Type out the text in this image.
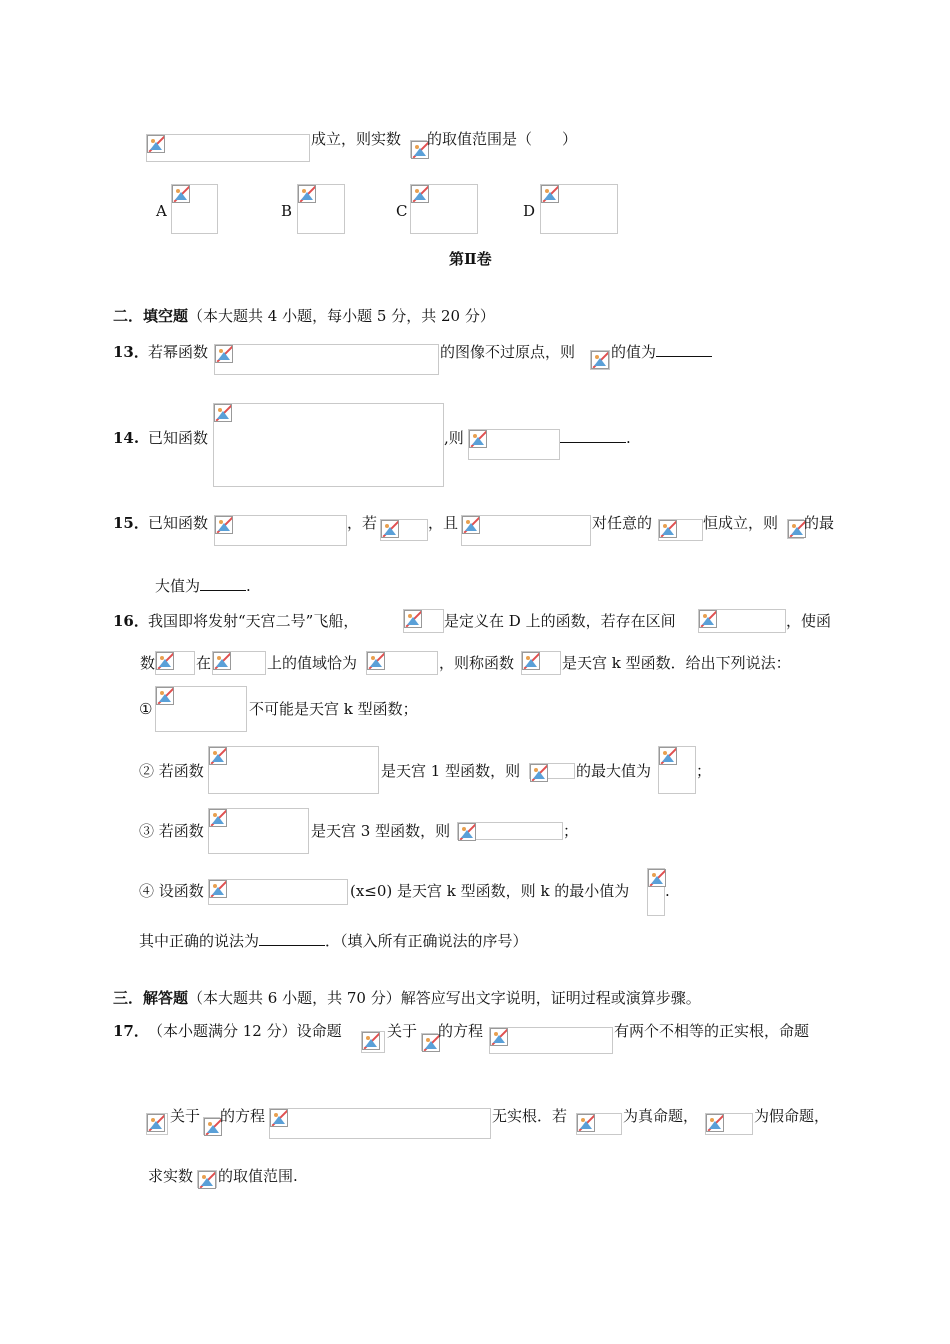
成立，则实数 的取值范围是（　　）
A	B	C	D
第Ⅱ卷
二．填空题（本大题共 4 小题，每小题 5 分，共 20 分）
13． 若幂函数	的图像不过原点，则 的值为
14. 已知函数	,则	.
15． 已知函数	，若	，且	对任意的	恒成立，则 的最
大值为	.
16． 我国即将发射“天宫二号”飞船，	是定义在 D 上的函数，若存在区间	，使函
数	在	上的值域恰为	，则称函数	是天宫 k 型函数．给出下列说法：
①	不可能是天宫 k 型函数；
② 若函数	是天宫 1 型函数，则	的最大值为	；
③ 若函数	是天宫 3 型函数，则	；
④ 设函数	(x≤0) 是天宫 k 型函数，则 k 的最小值为 .
其中正确的说法为	．（填入所有正确说法的序号）
三．解答题（本大题共 6 小题，共 70 分）解答应写出文字说明，证明过程或演算步骤。
17． （本小题满分 12 分）设命题	关于 的方程	有两个不相等的正实根，命题
关于 的方程	无实根．若	为真命题，	为假命题，
求实数 的取值范围.
